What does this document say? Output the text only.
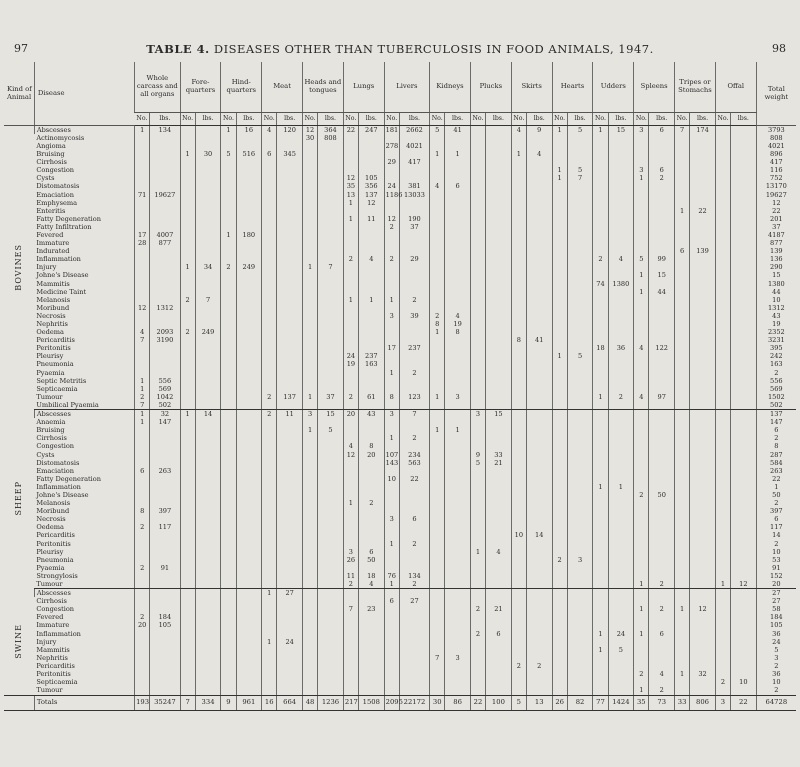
97	TABLE 4. DISEASES OTHER THAN TUBERCULOSIS IN FOOD ANIMALS, 1947.	98
Kind of Animal	Disease	Whole carcass and all organs		Fore-quarters		Hind-quarters		Meat		Heads and tongues		Lungs		Livers		Kidneys		Plucks		Skirts		Hearts		Udders		Spleens		Tripes or Stomachs		Offal		Total weight
		No.	lbs.	No.	lbs.	No.	lbs.	No.	lbs.	No.	lbs.	No.	lbs.	No.	lbs.	No.	lbs.	No.	lbs.	No.	lbs.	No.	lbs.	No.	lbs.	No.	lbs.	No.	lbs.	No.	lbs.	
BOVINES	Abscesses	1	134			1	16	4	120	12	364	22	247	181	2662	5	41			4	9	1	5	1	15	3	6	7	174			3793
	Actinomycosis									30	808																					808
	Angioma													278	4021																	4021
	Bruising			1	30	5	516	6	345							1	1			1	4											896
	Cirrhosis													29	417																	417
	Congestion																					1	5			3	6					116
	Cysts											12	105									1	7			1	2					752
	Distomatosis											35	356	24	381	4	6															13170
	Emaciation	71	19627									13	137	1186	13033																	19627
	Emphysema											1	12																			12
	Enteritis																											1	22			22
	Fatty Degeneration											1	11	12	190																	201
	Fatty Infiltration													2	37																	37
	Fevered	17	4007			1	180																									4187
	Immature	28	877																													877
	Indurated																											6	139			139
	Inflammation											2	4	2	29									2	4	5	99					136
	Injury			1	34	2	249			1	7																					290
	Johne's Disease																									1	15					15
	Mammitis																							74	1380							1380
	Medicine Taint																									1	44					44
	Melanosis			2	7							1	1	1	2																	10
	Moribund	12	1312																													1312
	Necrosis													3	39	2	4															43
	Nephritis															8	19															19
	Oedema	4	2093	2	249											1	8															2352
	Pericarditis	7	3190																	8	41											3231
	Peritonitis													17	237									18	36	4	122					395
	Pleurisy											24	237									1	5									242
	Pneumonia											19	163																			163
	Pyaemia													1	2																	2
	Septic Metritis	1	556																													556
	Septicaemia	1	569																													569
	Tumour	2	1042					2	137	1	37	2	61	8	123	1	3							1	2	4	97					1502
	Umbilical Pyaemia	7	502																													502
SHEEP	Abscesses	1	32	1	14			2	11	3	15	20	43	3	7			3	15													137
	Anaemia	1	147																													147
	Bruising									1	5					1	1															6
	Cirrhosis													1	2																	2
	Congestion											4	8																			8
	Cysts											12	20	107	234			9	33													287
	Distomatosis													143	563			5	21													584
	Emaciation	6	263																													263
	Fatty Degeneration													10	22																	22
	Inflammation																							1	1							1
	Johne's Disease																									2	50					50
	Melanosis											1	2																			2
	Moribund	8	397																													397
	Necrosis													3	6																	6
	Oedema	2	117																													117
	Pericarditis																			10	14											14
	Peritonitis													1	2																	2
	Pleurisy											3	6					1	4													10
	Pneumonia											26	50									2	3									53
	Pyaemia	2	91																													91
	Strongylosis											11	18	76	134																	152
	Tumour											2	4	1	2											1	2			1	12	20
SWINE	Abscesses							1	27																							27
	Cirrhosis													6	27																	27
	Congestion											7	23					2	21							1	2	1	12			58
	Fevered	2	184																													184
	Immature	20	105																													105
	Inflammation																	2	6					1	24	1	6					36
	Injury							1	24																							24
	Mammitis																							1	5							5
	Nephritis															7	3															3
	Pericarditis																			2	2											2
	Peritonitis																									2	4	1	32			36
	Septicaemia																													2	10	10
	Tumour																									1	2					2
	Totals	193	35247	7	334	9	961	16	664	48	1236	217	1508	2095	22172	30	86	22	100	5	13	26	82	77	1424	35	73	33	806	3	22	64728
